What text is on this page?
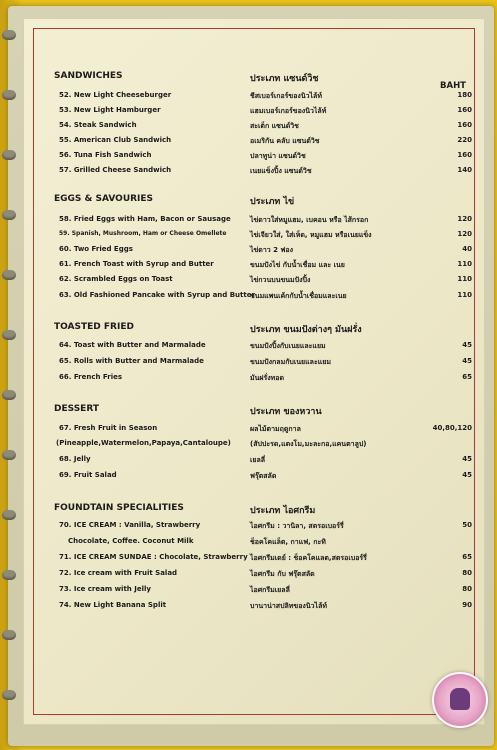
SANDWICHES	ประเภท แซนด์วิช
BAHT
52. New Light Cheeseburger	ชีสเบอร์เกอร์ของนิวไล้ท์	180
53. New Light Hamburger	แฮมเบอร์เกอร์ของนิวไล้ท์	160
54. Steak Sandwich	สะเต็ก แซนด์วิช	160
55. American Club Sandwich	อเมริกัน คลับ แซนด์วิช	220
56. Tuna Fish Sandwich	ปลาทูน่า แซนด์วิช	160
57. Grilled Cheese Sandwich	เนยแข็งปิ้ง แซนด์วิช	140
EGGS & SAVOURIES	ประเภท ไข่
58. Fried Eggs with Ham, Bacon or Sausage	ไข่ดาวใส่หมูแฮม, เบคอน หรือ ไส้กรอก	120
59. Spanish, Mushroom, Ham or Cheese Omellete	ไข่เจียวใส่, ใส่เห็ด, หมูแฮม หรือเนยแข็ง	120
60. Two Fried Eggs	ไข่ดาว 2 ฟอง	40
61. French Toast with Syrup and Butter	ขนมปังไข่ กับน้ำเชื่อม และ เนย	110
62. Scrambled Eggs on Toast	ไข่กวนบนขนมปังปิ้ง	110
63. Old Fashioned Pancake with Syrup and Butter
ขนมแพนเค้กกับน้ำเชื่อมและเนย	110
TOASTED FRIED	ประเภท ขนมปังต่างๆ มันฝรั่ง
64. Toast with Butter and Marmalade	ขนมปังปิ้งกับเนยและแยม	45
65. Rolls with Butter and Marmalade	ขนมปังกลมกับเนยและแยม	45
66. French Fries	มันฝรั่งทอด	65
DESSERT	ประเภท ของหวาน
67. Fresh Fruit in Season	ผลไม้ตามฤดูกาล	40,80,120
(Pineapple,Watermelon,Papaya,Cantaloupe)	(สัปปะรด,แตงโม,มะละกอ,แคนตาลูป)
68. Jelly	เยลลี่	45
69. Fruit Salad	ฟรุ๊ตสลัด	45
FOUNDTAIN SPECIALITIES	ประเภท ไอศกรีม
70. ICE CREAM : Vanilla, Strawberry	ไอศกรีม : วานิลา, สตรอเบอร์รี่	50
Chocolate, Coffee. Coconut Milk	ช็อคโคแล็ต, กาแฟ, กะทิ
71. ICE CREAM SUNDAE : Chocolate, Strawberry ไอศกรีมเดย์ : ช็อคโคแลต,สตรอเบอร์รี่	65
72. Ice cream with Fruit Salad	ไอศกรีม กับ ฟรุ๊ตสลัด	80
73. Ice cream with Jelly	ไอศกรีมเยลลี่	80
74. New Light Banana Split	บานาน่าสปลิทของนิวไล้ท์	90
